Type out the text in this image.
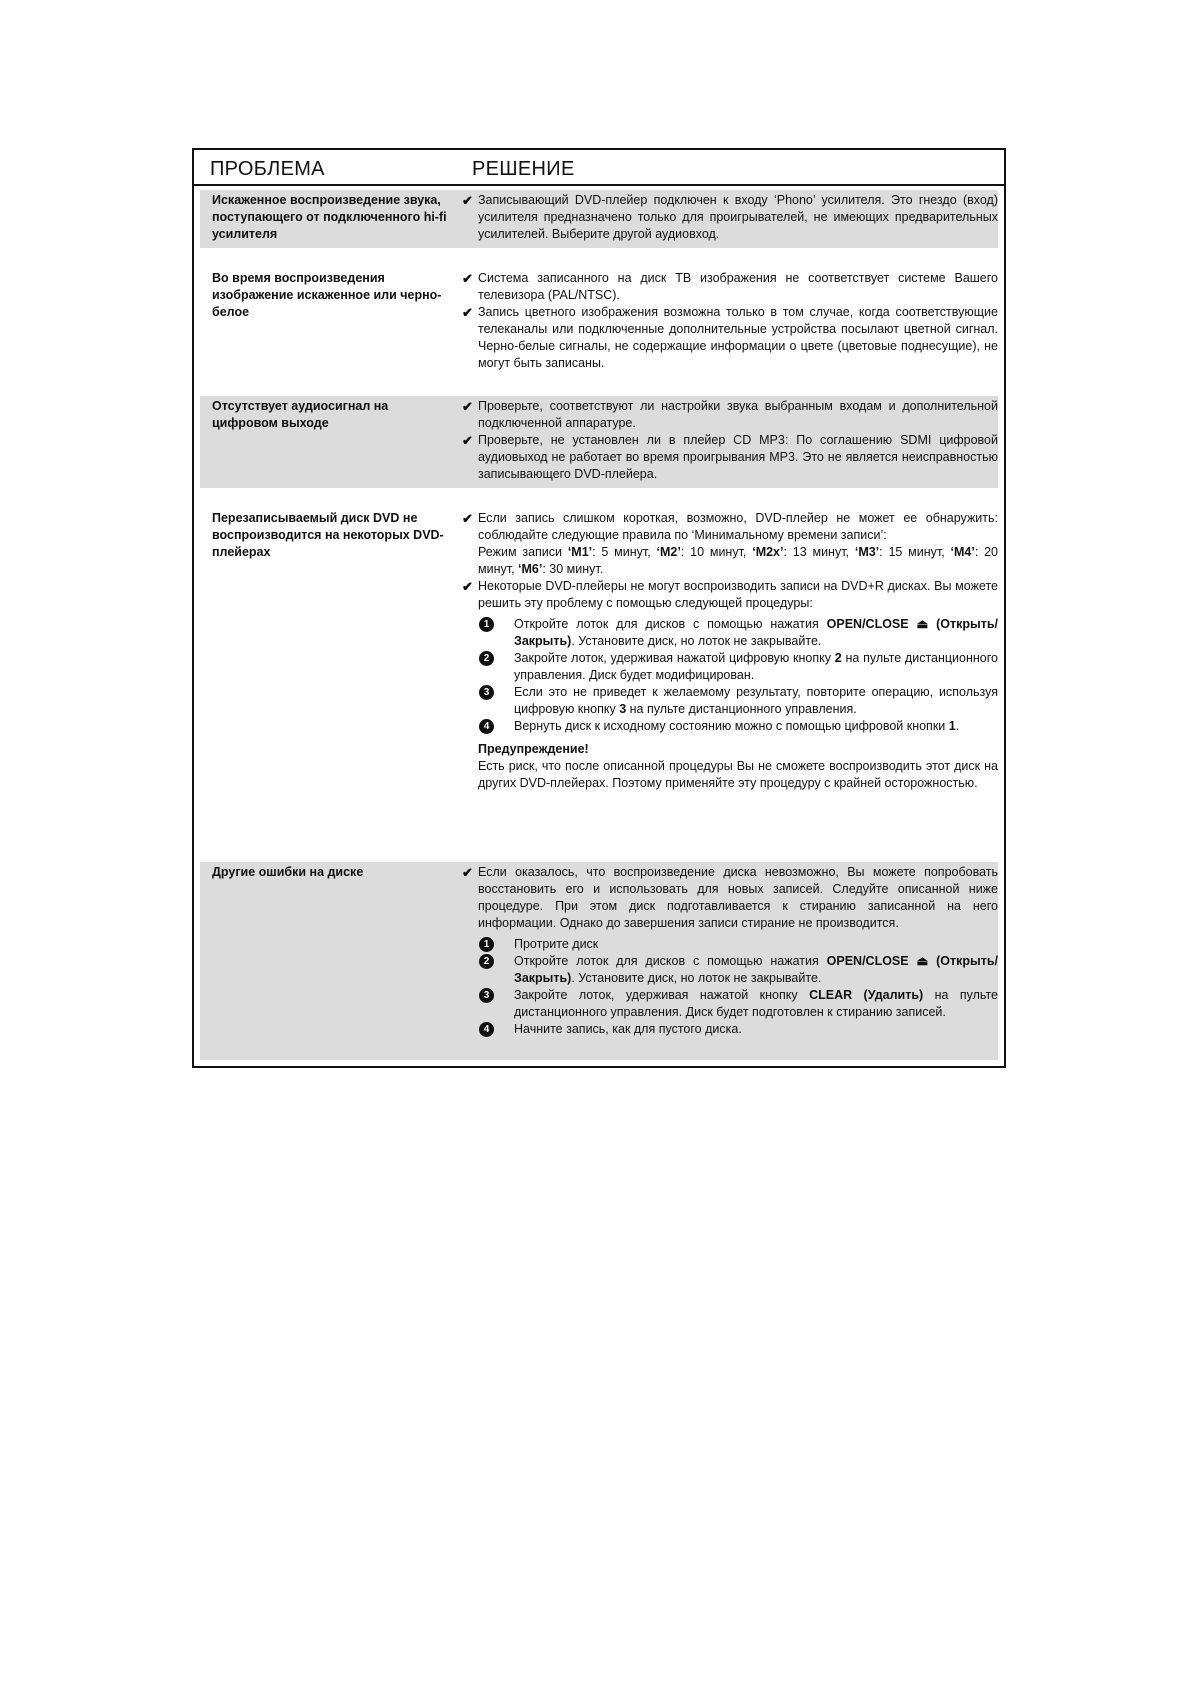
ПРОБЛЕМА	РЕШЕНИЕ
Искаженное воспроизведение звука, поступающего от подключенного hi-fi усилителя
✔ Записывающий DVD-плейер подключен к входу ‘Phono’ усилителя. Это гнездо (вход) усилителя предназначено только для проигрывателей, не имеющих предварительных усилителей. Выберите другой аудиовход.
Во время воспроизведения изображение искаженное или черно-белое
✔ Система записанного на диск ТВ изображения не соответствует системе Вашего телевизора (PAL/NTSC).
✔ Запись цветного изображения возможна только в том случае, когда соответствующие телеканалы или подключенные дополнительные устройства посылают цветной сигнал. Черно-белые сигналы, не содержащие информации о цвете (цветовые поднесущие), не могут быть записаны.
Отсутствует аудиосигнал на цифровом выходе
✔ Проверьте, соответствуют ли настройки звука выбранным входам и дополнительной подключенной аппаратуре.
✔ Проверьте, не установлен ли в плейер CD MP3: По соглашению SDMI цифровой аудиовыход не работает во время проигрывания MP3. Это не является неисправностью записывающего DVD-плейера.
Перезаписываемый диск DVD не воспроизводится на некоторых DVD-плейерах
✔ Если запись слишком короткая, возможно, DVD-плейер не может ее обнаружить: соблюдайте следующие правила по ‘Минимальному времени записи’:
Режим записи ‘M1’: 5 минут, ‘M2’: 10 минут, ‘M2x’: 13 минут, ‘M3’: 15 минут, ‘M4’: 20 минут, ‘M6’: 30 минут.
✔ Некоторые DVD-плейеры не могут воспроизводить записи на DVD+R дисках. Вы можете решить эту проблему с помощью следующей процедуры:
1	Откройте лоток для дисков с помощью нажатия OPEN/CLOSE ⏏ (Открыть/ Закрыть). Установите диск, но лоток не закрывайте.
2	Закройте лоток, удерживая нажатой цифровую кнопку 2 на пульте дистанционного управления. Диск будет модифицирован.
3	Если это не приведет к желаемому результату, повторите операцию, используя цифровую кнопку 3 на пульте дистанционного управления.
4	Вернуть диск к исходному состоянию можно с помощью цифровой кнопки 1.
Предупреждение!
Есть риск, что после описанной процедуры Вы не сможете воспроизводить этот диск на других DVD-плейерах. Поэтому применяйте эту процедуру с крайней осторожностью.
Другие ошибки на диске	✔ Если оказалось, что воспроизведение диска невозможно, Вы можете попробовать восстановить его и использовать для новых записей. Следуйте описанной ниже процедуре. При этом диск подготавливается к стиранию записанной на него информации. Однако до завершения записи стирание не производится.
1	Протрите диск
2	Откройте лоток для дисков с помощью нажатия OPEN/CLOSE ⏏ (Открыть/ Закрыть). Установите диск, но лоток не закрывайте.
3	Закройте лоток, удерживая нажатой кнопку CLEAR (Удалить) на пульте дистанционного управления. Диск будет подготовлен к стиранию записей.
4	Начните запись, как для пустого диска.
